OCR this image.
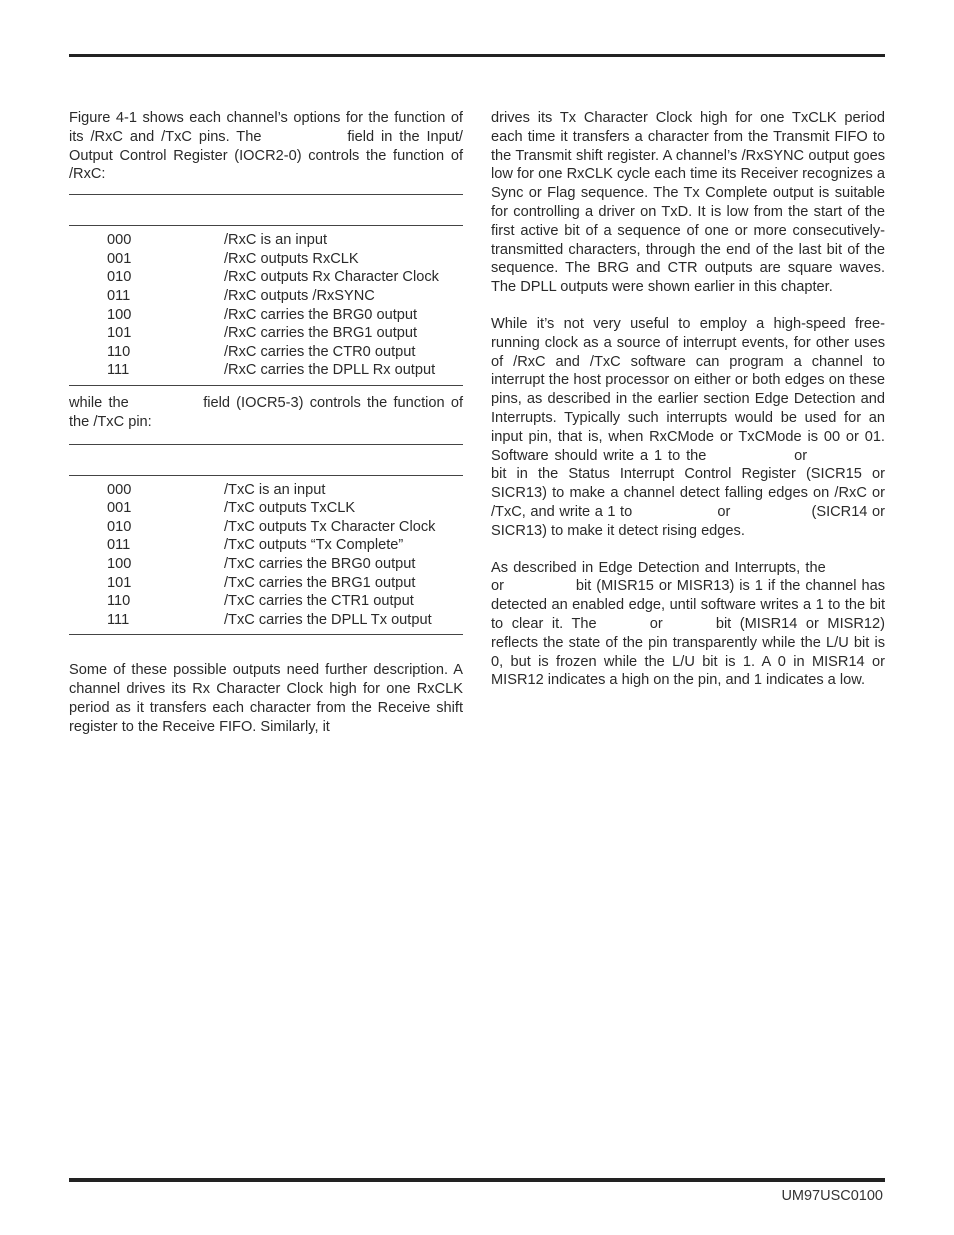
Figure 4-1 shows each channel’s options for the function of its /RxC and /TxC pins. The	field in the Input/ Output Control Register (IOCR2-0) controls the function of /RxC:

000	/RxC is an input
001	/RxC outputs RxCLK
010	/RxC outputs Rx Character Clock
011	/RxC outputs /RxSYNC
100	/RxC carries the BRG0 output
101	/RxC carries the BRG1 output
110	/RxC carries the CTR0 output
111	/RxC carries the DPLL Rx output

while the	field (IOCR5-3) controls the function of the /TxC pin:

000	/TxC is an input
001	/TxC outputs TxCLK
010	/TxC outputs Tx Character Clock
011	/TxC outputs “Tx Complete”
100	/TxC carries the BRG0 output
101	/TxC carries the BRG1 output
110	/TxC carries the CTR1 output
111	/TxC carries the DPLL Tx output

Some of these possible outputs need further description. A channel drives its Rx Character Clock high for one RxCLK period as it transfers each character from the Receive shift register to the Receive FIFO. Similarly, it

drives its Tx Character Clock high for one TxCLK period each time it transfers a character from the Transmit FIFO to the Transmit shift register. A channel’s /RxSYNC output goes low for one RxCLK cycle each time its Receiver recognizes a Sync or Flag sequence. The Tx Complete output is suitable for controlling a driver on TxD. It is low from the start of the first active bit of a sequence of one or more consecutively-transmitted characters, through the end of the last bit of the sequence. The BRG and CTR outputs are square waves. The DPLL outputs were shown earlier in this chapter.

While it’s not very useful to employ a high-speed free-running clock as a source of interrupt events, for other uses of /RxC and /TxC software can program a channel to interrupt the host processor on either or both edges on these pins, as described in the earlier section Edge Detection and Interrupts. Typically such interrupts would be used for an input pin, that is, when RxCMode or TxCMode is 00 or 01. Software should write a 1 to the	or  bit in the Status Interrupt Control Register (SICR15 or SICR13) to make a channel detect falling edges on /RxC or /TxC, and write a 1 to	or	(SICR14 or SICR13) to make it detect rising edges.

As described in Edge Detection and Interrupts, the  or	bit (MISR15 or MISR13) is 1 if the channel has detected an enabled edge, until software writes a 1 to the bit to clear it. The	or	bit (MISR14 or MISR12) reflects the state of the pin transparently while the L/U bit is 0, but is frozen while the L/U bit is 1. A 0 in MISR14 or MISR12 indicates a high on the pin, and 1 indicates a low.

UM97USC0100
